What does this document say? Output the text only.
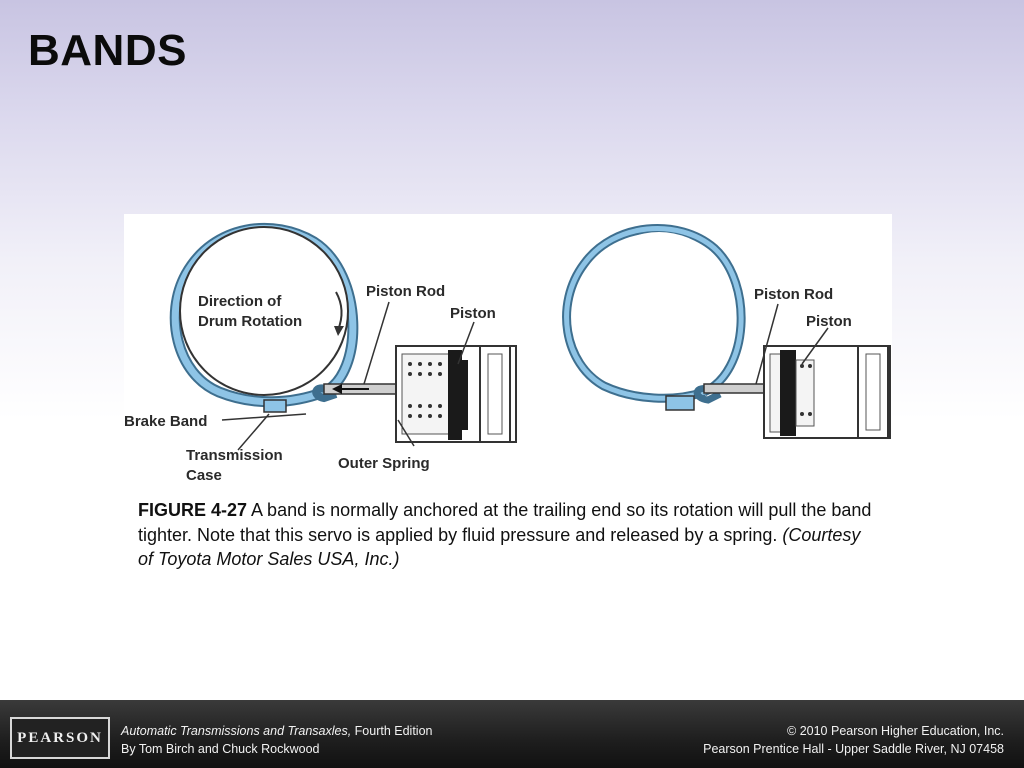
BANDS
Direction of
Drum Rotation
Piston Rod
Piston
Brake Band
Transmission
Case
Outer Spring
Piston Rod
Piston
FIGURE 4-27 A band is normally anchored at the trailing end so its rotation will pull the band tighter. Note that this servo is applied by fluid pressure and released by a spring. (Courtesy of Toyota Motor Sales USA, Inc.)
PEARSON Automatic Transmissions and Transaxles, Fourth Edition
By Tom Birch and Chuck Rockwood
© 2010 Pearson Higher Education, Inc.
Pearson Prentice Hall - Upper Saddle River, NJ 07458
